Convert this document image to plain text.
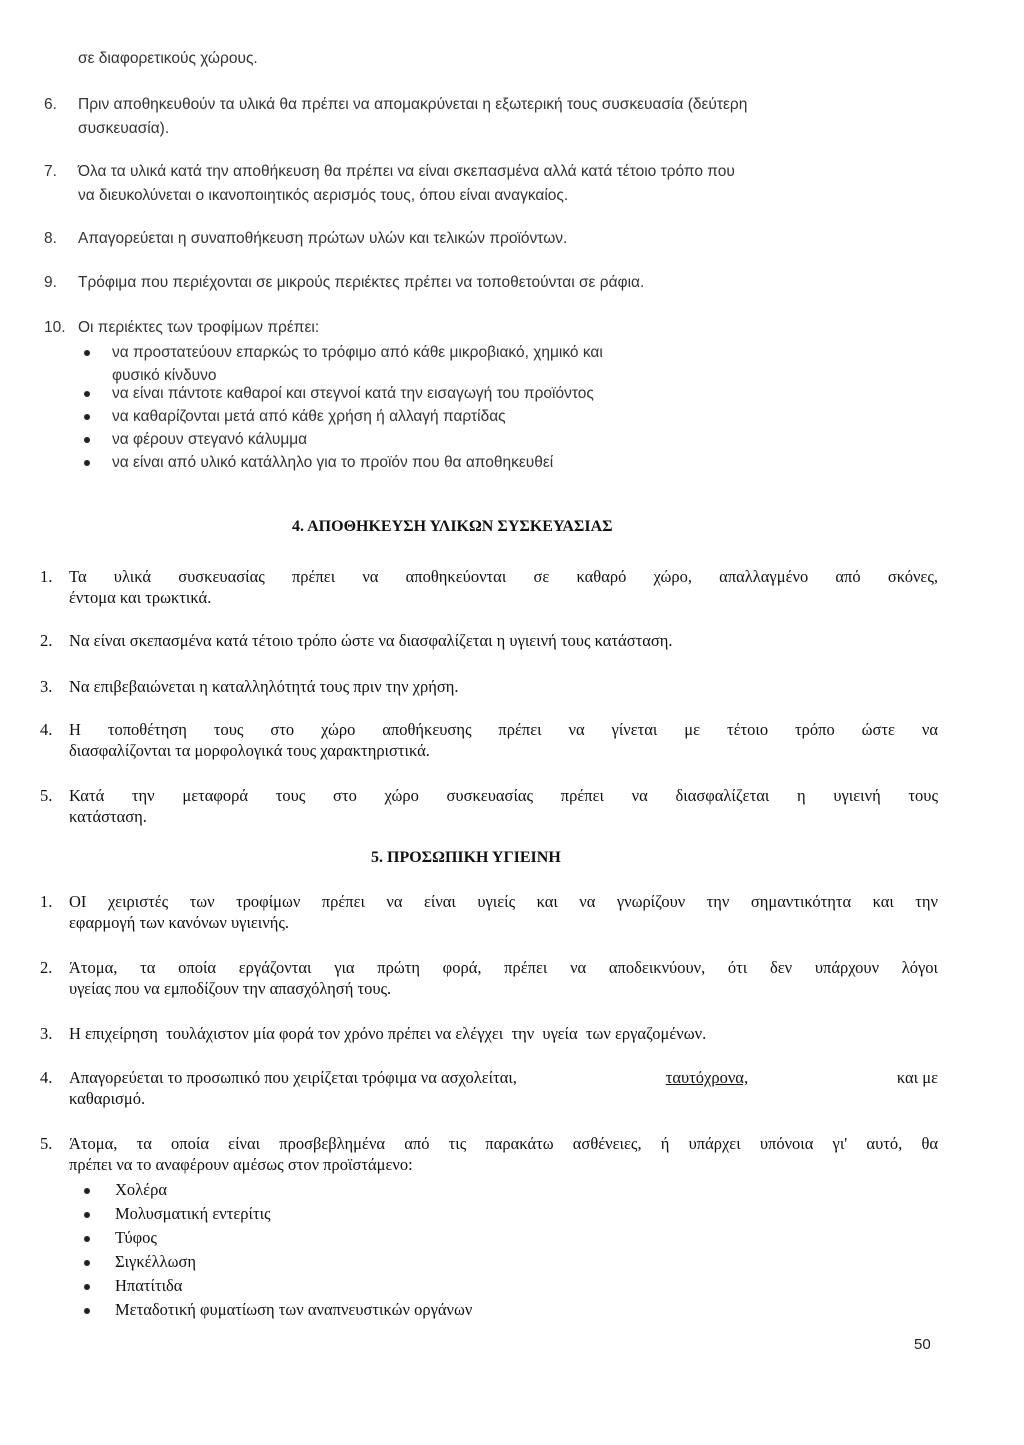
σε διαφορετικούς χώρους.
6. Πριν αποθηκευθούν τα υλικά θα πρέπει να απομακρύνεται η εξωτερική τους συσκευασία (δεύτερη
συσκευασία).
7. Όλα τα υλικά κατά την αποθήκευση θα πρέπει να είναι σκεπασμένα αλλά κατά τέτοιο τρόπο που
να διευκολύνεται ο ικανοποιητικός αερισμός τους, όπου είναι αναγκαίος.
8. Απαγορεύεται η συναποθήκευση πρώτων υλών και τελικών προϊόντων.
9. Τρόφιμα που περιέχονται σε μικρούς περιέκτες πρέπει να τοποθετούνται σε ράφια.
10. Οι περιέκτες των τροφίμων πρέπει:
να προστατεύουν επαρκώς το τρόφιμο από κάθε μικροβιακό, χημικό και
φυσικό κίνδυνο
να είναι πάντοτε καθαροί και στεγνοί κατά την εισαγωγή του προϊόντος
να καθαρίζονται μετά από κάθε χρήση ή αλλαγή παρτίδας
να φέρουν στεγανό κάλυμμα
να είναι από υλικό κατάλληλο για το προϊόν που θα αποθηκευθεί
4. ΑΠΟΘΗΚΕΥΣΗ ΥΛΙΚΩΝ ΣΥΣΚΕΥΑΣΙΑΣ
1. Τα υλικά συσκευασίας πρέπει να αποθηκεύονται σε καθαρό χώρο, απαλλαγμένο από σκόνες,
έντομα και τρωκτικά.
2. Να είναι σκεπασμένα κατά τέτοιο τρόπο ώστε να διασφαλίζεται η υγιεινή τους κατάσταση.
3. Να επιβεβαιώνεται η καταλληλότητά τους πριν την χρήση.
4. Η τοποθέτηση τους στο χώρο αποθήκευσης πρέπει να γίνεται με τέτοιο τρόπο ώστε να
διασφαλίζονται τα μορφολογικά τους χαρακτηριστικά.
5. Κατά την μεταφορά τους στο χώρο συσκευασίας πρέπει να διασφαλίζεται η υγιεινή τους
κατάσταση.
5. ΠΡΟΣΩΠΙΚΗ ΥΓΙΕΙΝΗ
1. ΟΙ χειριστές των τροφίμων πρέπει να είναι υγιείς και να γνωρίζουν την σημαντικότητα και την
εφαρμογή των κανόνων υγιεινής.
2. Άτομα, τα οποία εργάζονται για πρώτη φορά, πρέπει να αποδεικνύουν, ότι δεν υπάρχουν λόγοι
υγείας που να εμποδίζουν την απασχόλησή τους.
3. Η επιχείρηση  τουλάχιστον μία φορά τον χρόνο πρέπει να ελέγχει  την  υγεία  των εργαζομένων.
4. Απαγορεύεται το προσωπικό που χειρίζεται τρόφιμα να ασχολείται,	ταυτόχρονα,	και με
καθαρισμό.
5. Άτομα, τα οποία είναι προσβεβλημένα από τις παρακάτω ασθένειες, ή υπάρχει υπόνοια γι' αυτό, θα
πρέπει να το αναφέρουν αμέσως στον προϊστάμενο:
Χολέρα
Μολυσματική εντερίτις
Τύφος
Σιγκέλλωση
Ηπατίτιδα
Μεταδοτική φυματίωση των αναπνευστικών οργάνων
50
